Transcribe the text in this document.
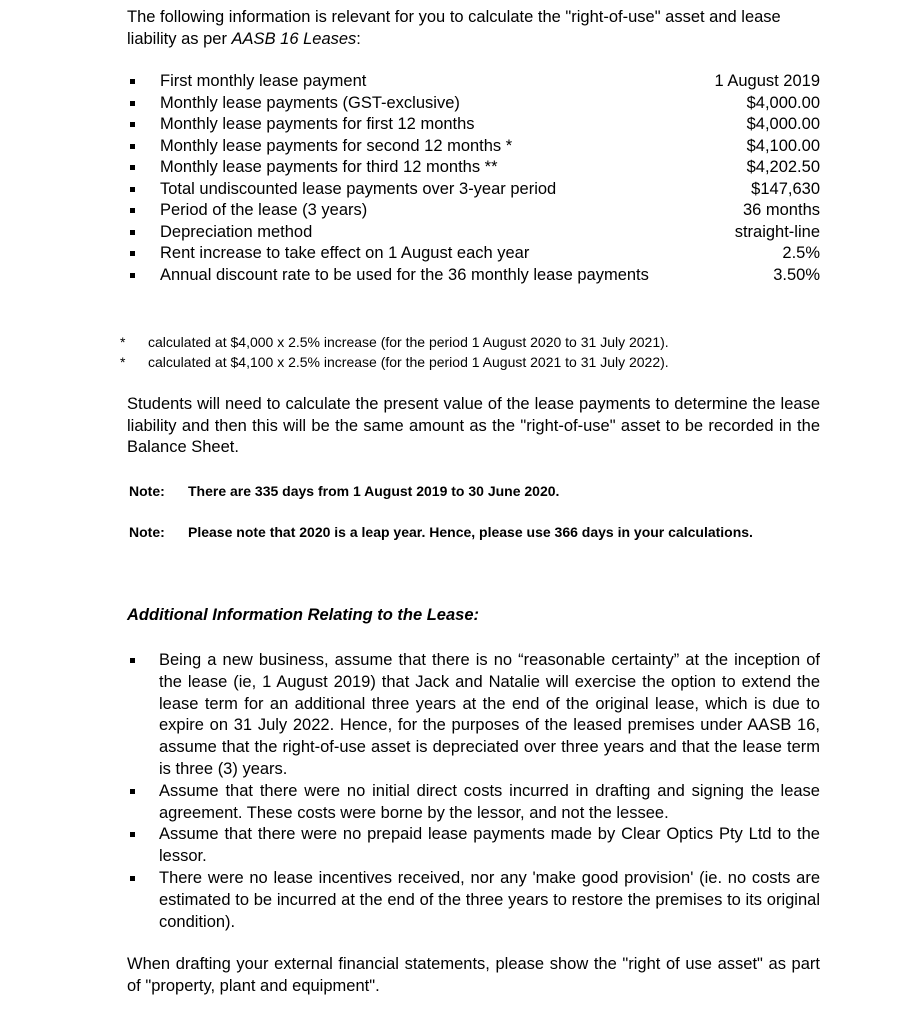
The following information is relevant for you to calculate the "right-of-use" asset and lease liability as per AASB 16 Leases:
First monthly lease payment	1 August 2019
Monthly lease payments (GST-exclusive)	$4,000.00
Monthly lease payments for first 12 months	$4,000.00
Monthly lease payments for second 12 months *	$4,100.00
Monthly lease payments for third 12 months **	$4,202.50
Total undiscounted lease payments over 3-year period	$147,630
Period of the lease (3 years)	36 months
Depreciation method	straight-line
Rent increase to take effect on 1 August each year	2.5%
Annual discount rate to be used for the 36 monthly lease payments	3.50%
* calculated at $4,000 x 2.5% increase (for the period 1 August 2020 to 31 July 2021).
* calculated at $4,100 x 2.5% increase (for the period 1 August 2021 to 31 July 2022).
Students will need to calculate the present value of the lease payments to determine the lease liability and then this will be the same amount as the "right-of-use" asset to be recorded in the Balance Sheet.
Note:	There are 335 days from 1 August 2019 to 30 June 2020.
Note:	Please note that 2020 is a leap year. Hence, please use 366 days in your calculations.
Additional Information Relating to the Lease:
Being a new business, assume that there is no “reasonable certainty” at the inception of the lease (ie, 1 August 2019) that Jack and Natalie will exercise the option to extend the lease term for an additional three years at the end of the original lease, which is due to expire on 31 July 2022. Hence, for the purposes of the leased premises under AASB 16, assume that the right-of-use asset is depreciated over three years and that the lease term is three (3) years.
Assume that there were no initial direct costs incurred in drafting and signing the lease agreement. These costs were borne by the lessor, and not the lessee.
Assume that there were no prepaid lease payments made by Clear Optics Pty Ltd to the lessor.
There were no lease incentives received, nor any 'make good provision' (ie. no costs are estimated to be incurred at the end of the three years to restore the premises to its original condition).
When drafting your external financial statements, please show the "right of use asset" as part of "property, plant and equipment".
